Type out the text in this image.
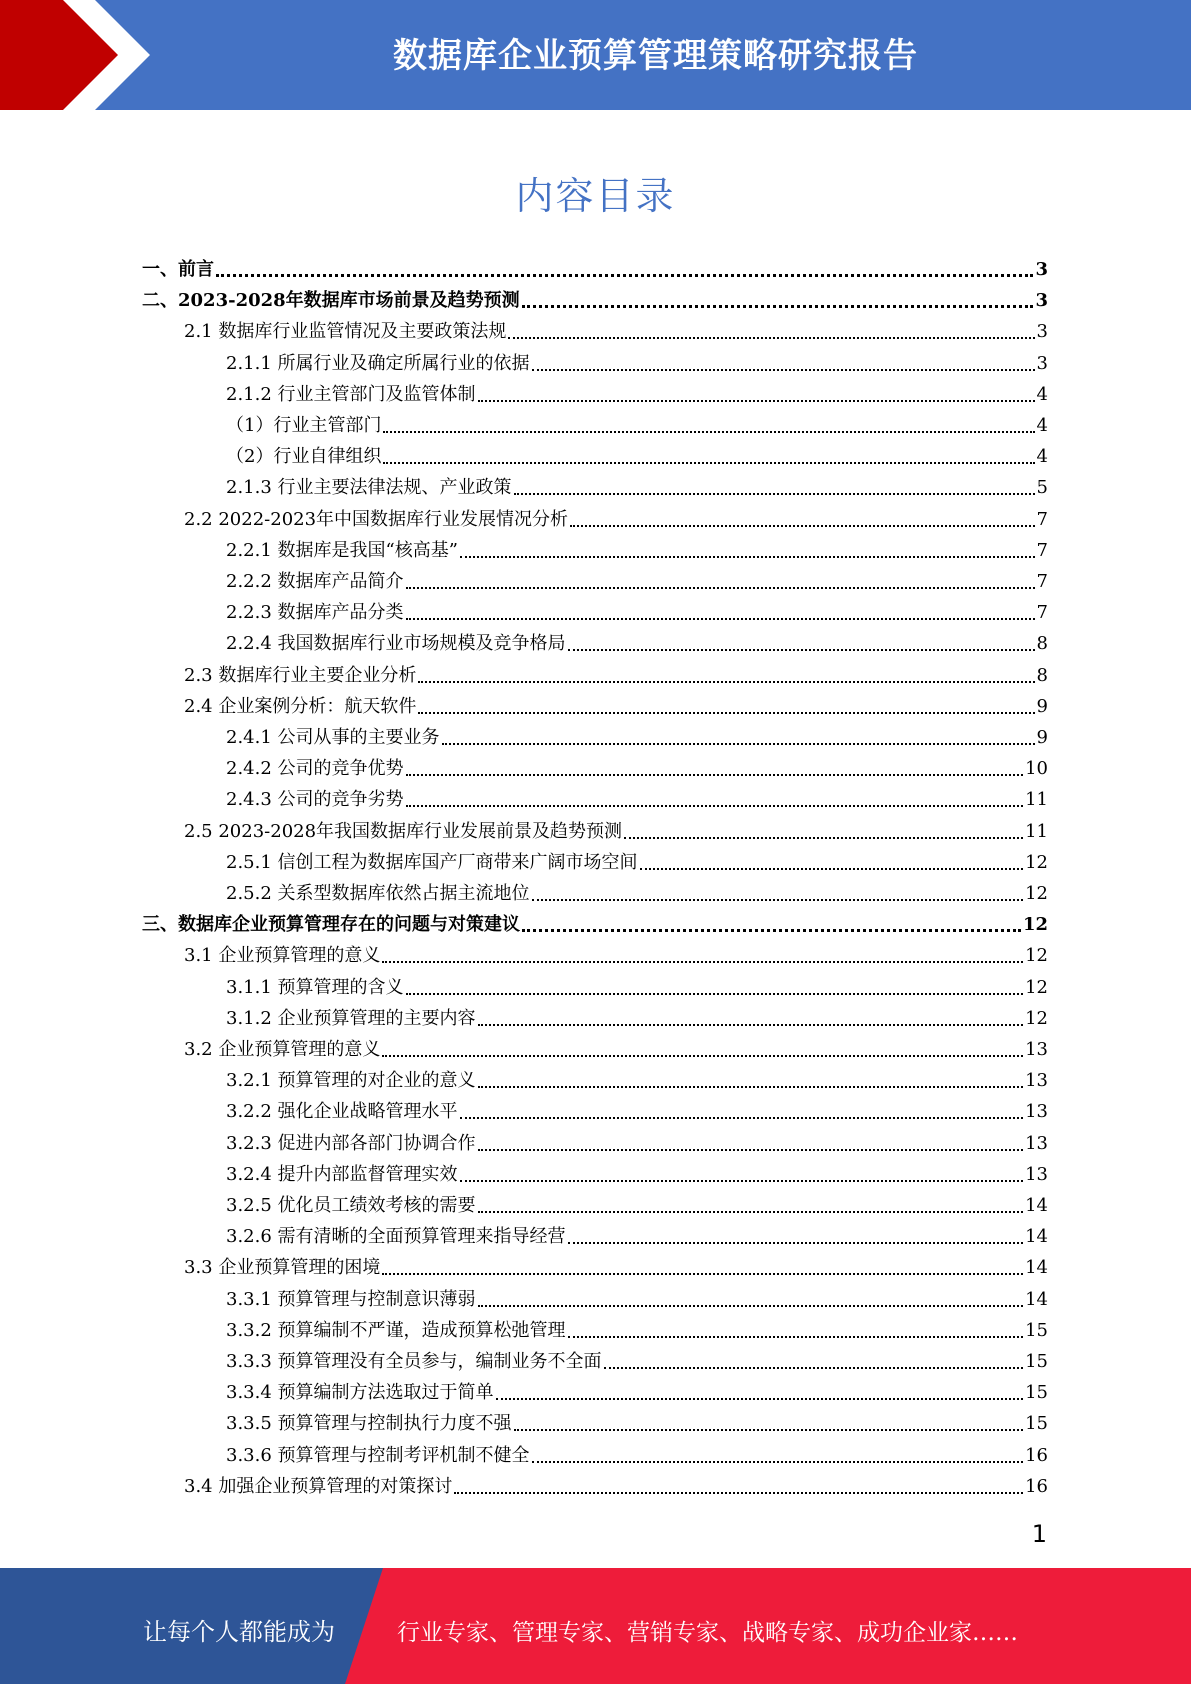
数据库企业预算管理策略研究报告
内容目录
一、前言	3
二、2023-2028年数据库市场前景及趋势预测	3
2.1 数据库行业监管情况及主要政策法规	3
2.1.1 所属行业及确定所属行业的依据	3
2.1.2 行业主管部门及监管体制	4
（1）行业主管部门	4
（2）行业自律组织	4
2.1.3 行业主要法律法规、产业政策	5
2.2 2022-2023年中国数据库行业发展情况分析	7
2.2.1 数据库是我国“核高基”	7
2.2.2 数据库产品简介	7
2.2.3 数据库产品分类	7
2.2.4 我国数据库行业市场规模及竞争格局	8
2.3 数据库行业主要企业分析	8
2.4 企业案例分析：航天软件	9
2.4.1 公司从事的主要业务	9
2.4.2 公司的竞争优势	10
2.4.3 公司的竞争劣势	11
2.5 2023-2028年我国数据库行业发展前景及趋势预测	11
2.5.1 信创工程为数据库国产厂商带来广阔市场空间	12
2.5.2 关系型数据库依然占据主流地位	12
三、数据库企业预算管理存在的问题与对策建议	12
3.1 企业预算管理的意义	12
3.1.1 预算管理的含义	12
3.1.2 企业预算管理的主要内容	12
3.2 企业预算管理的意义	13
3.2.1 预算管理的对企业的意义	13
3.2.2 强化企业战略管理水平	13
3.2.3 促进内部各部门协调合作	13
3.2.4 提升内部监督管理实效	13
3.2.5 优化员工绩效考核的需要	14
3.2.6 需有清晰的全面预算管理来指导经营	14
3.3 企业预算管理的困境	14
3.3.1 预算管理与控制意识薄弱	14
3.3.2 预算编制不严谨，造成预算松弛管理	15
3.3.3 预算管理没有全员参与，编制业务不全面	15
3.3.4 预算编制方法选取过于简单	15
3.3.5 预算管理与控制执行力度不强	15
3.3.6 预算管理与控制考评机制不健全	16
3.4 加强企业预算管理的对策探讨	16
1
让每个人都能成为	行业专家、管理专家、营销专家、战略专家、成功企业家……
